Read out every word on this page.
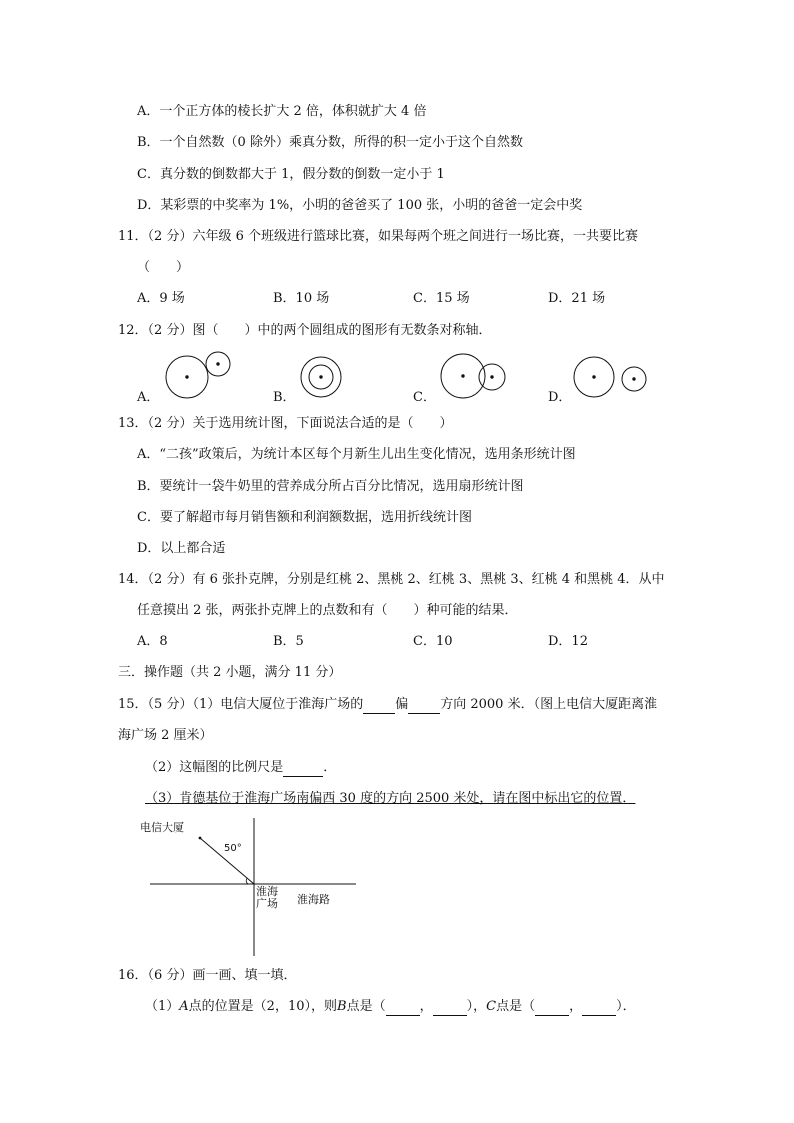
A．一个正方体的棱长扩大 2 倍，体积就扩大 4 倍
B．一个自然数（0 除外）乘真分数，所得的积一定小于这个自然数
C．真分数的倒数都大于 1，假分数的倒数一定小于 1
D．某彩票的中奖率为 1%，小明的爸爸买了 100 张，小明的爸爸一定会中奖
11．（2 分）六年级 6 个班级进行篮球比赛，如果每两个班之间进行一场比赛，一共要比赛
（　　）
A．9 场	B．10 场	C．15 场	D．21 场
12．（2 分）图（　　）中的两个圆组成的图形有无数条对称轴．
A．	B．	C．	D．
13．（2 分）关于选用统计图，下面说法合适的是（　　）
A．“二孩”政策后，为统计本区每个月新生儿出生变化情况，选用条形统计图
B．要统计一袋牛奶里的营养成分所占百分比情况，选用扇形统计图
C．要了解超市每月销售额和利润额数据，选用折线统计图
D．以上都合适
14．（2 分）有 6 张扑克牌，分别是红桃 2、黑桃 2、红桃 3、黑桃 3、红桃 4 和黑桃 4．从中
任意摸出 2 张，两张扑克牌上的点数和有（　　）种可能的结果．
A．8	B．5	C．10	D．12
三．操作题（共 2 小题，满分 11 分）
15．（5 分）（1）电信大厦位于淮海广场的 偏 方向 2000 米．（图上电信大厦距离淮
海广场 2 厘米）
（2）这幅图的比例尺是	．
（3）肯德基位于淮海广场南偏西 30 度的方向 2500 米处，请在图中标出它的位置．
电信大厦
50°
淮海
广场 淮海路
16．（6 分）画一画、填一填．
（1）A点的位置是（2，10），则B点是（	，	），C点是（	，	）．
